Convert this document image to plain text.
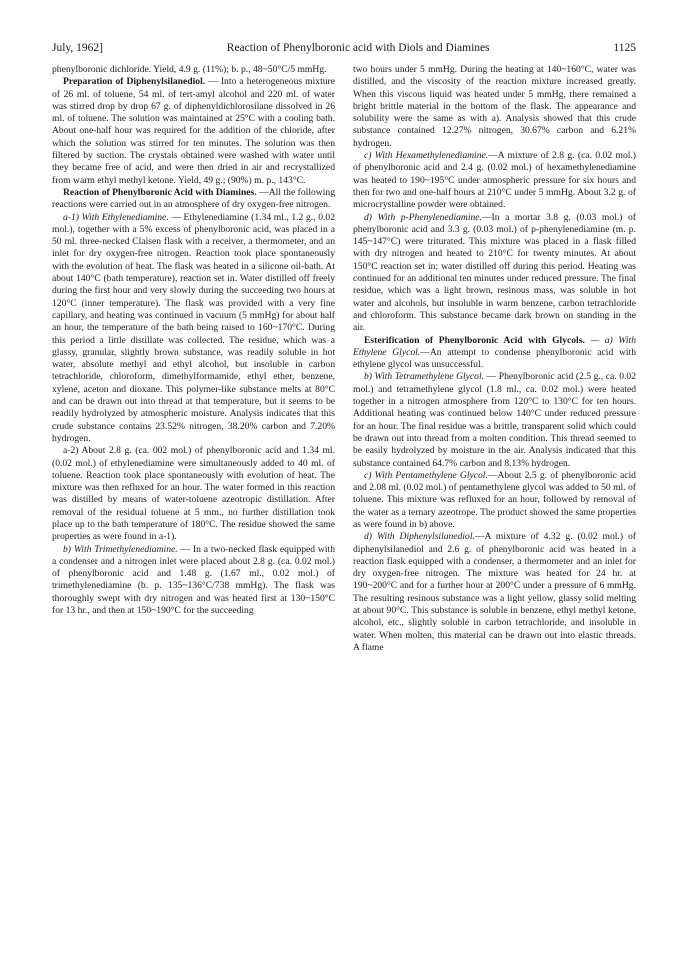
July, 1962]	Reaction of Phenylboronic acid with Diols and Diamines	1125

phenylboronic dichloride. Yield, 4.9 g. (11%); b. p., 48~50°C/5 mmHg.

Preparation of Diphenylsilanediol. — Into a heterogeneous mixture of 26 ml. of toluene, 54 ml. of tert-amyl alcohol and 220 ml. of water was stirred drop by drop 67 g. of diphenyldichlorosilane dissolved in 26 ml. of toluene. The solution was maintained at 25°C with a cooling bath. About one-half hour was required for the addition of the chloride, after which the solution was stirred for ten minutes. The solution was then filtered by suction. The crystals obtained were washed with water until they became free of acid, and were then dried in air and recrystallized from warm ethyl methyl ketone. Yield, 49 g.; (90%) m. p., 143°C.

Reaction of Phenylboronic Acid with Diamines. —All the following reactions were carried out in an atmosphere of dry oxygen-free nitrogen.

a-1) With Ethylenediamine. — Ethylenediamine (1.34 ml., 1.2 g., 0.02 mol.), together with a 5% excess of phenylboronic acid, was placed in a 50 ml. three-necked Claisen flask with a receiver, a thermometer, and an inlet for dry oxygen-free nitrogen. Reaction took place spontaneously with the evolution of heat. The flask was heated in a silicone oil-bath. At about 140°C (bath temperature), reaction set in. Water distilled off freely during the first hour and very slowly during the succeeding two hours at 120°C (inner temperature). The flask was provided with a very fine capillary, and heating was continued in vacuum (5 mmHg) for about half an hour, the temperature of the bath being raised to 160~170°C. During this period a little distillate was collected. The residue, which was a glassy, granular, slightly brown substance, was readily soluble in hot water, absolute methyl and ethyl alcohol, but insoluble in carbon tetrachloride, chloroform, dimethylformamide, ethyl ether, benzene, xylene, aceton and dioxane. This polymer-like substance melts at 80°C and can be drawn out into thread at that temperature, but it seems to be readily hydrolyzed by atmospheric moisture. Analysis indicates that this crude substance contains 23.52% nitrogen, 38.20% carbon and 7.20% hydrogen.

a-2) About 2.8 g. (ca. 002 mol.) of phenylboronic acid and 1.34 ml. (0.02 mol.) of ethylenediamine were simultaneously added to 40 ml. of toluene. Reaction took place spontaneously with evolution of heat. The mixture was then refluxed for an hour. The water formed in this reaction was distilled by means of water-toluene azeotropic distillation. After removal of the residual toluene at 5 mm., no further distillation took place up to the bath temperature of 180°C. The residue showed the same properties as were found in a-1).

b) With Trimethylenediamine. — In a two-necked flask equipped with a condenser and a nitrogen inlet were placed about 2.8 g. (ca. 0.02 mol.) of phenylboronic acid and 1.48 g. (1.67 ml., 0.02 mol.) of trimethylenediamine (b. p. 135~136°C/738 mmHg). The flask was thoroughly swept with dry nitrogen and was heated first at 130~150°C for 13 hr., and then at 150~190°C for the succeeding

two hours under 5 mmHg. During the heating at 140~160°C, water was distilled, and the viscosity of the reaction mixture increased greatly. When this viscous liquid was heated under 5 mmHg, there remained a bright brittle material in the bottom of the flask. The appearance and solubility were the same as with a). Analysis showed that this crude substance contained 12.27% nitrogen, 30.67% carbon and 6.21% hydrogen.

c) With Hexamethylenediamine.—A mixture of 2.8 g. (ca. 0.02 mol.) of phenylboronic acid and 2.4 g. (0.02 mol.) of hexamethylenediamine was heated to 190~195°C under atmospheric pressure for six hours and then for two and one-half hours at 210°C under 5 mmHg. About 3.2 g. of microcrystalline powder were obtained.

d) With p-Phenylenediamine.—In a mortar 3.8 g. (0.03 mol.) of phenylboronic acid and 3.3 g. (0.03 mol.) of p-phenylenediamine (m. p. 145~147°C) were triturated. This mixture was placed in a flask filled with dry nitrogen and heated to 210°C for twenty minutes. At about 150°C reaction set in; water distilled off during this period. Heating was continued for an additional ten minutes under reduced pressure. The final residue, which was a light brown, resinous mass, was soluble in hot water and alcohols, but insoluble in warm benzene, carbon tetrachloride and chloroform. This substance became dark brown on standing in the air.

Esterification of Phenylboronic Acid with Glycols. — a) With Ethylene Glycol.—An attempt to condense phenylboronic acid with ethylene glycol was unsuccessful.

b) With Tetramethylene Glycol. — Phenylboronic acid (2.5 g., ca. 0.02 mol.) and tetramethylene glycol (1.8 ml., ca. 0.02 mol.) were heated together in a nitrogen atmosphere from 120°C to 130°C for ten hours. Additional heating was continued below 140°C under reduced pressure for an hour. The final residue was a brittle, transparent solid which could be drawn out into thread from a molten condition. This thread seemed to be easily hydrolyzed by moisture in the air. Analysis indicated that this substance contained 64.7% carbon and 8.13% hydrogen.

c) With Pentamethylene Glycol.—About 2.5 g. of phenylboronic acid and 2.08 ml. (0.02 mol.) of pentamethylene glycol was added to 50 ml. of toluene. This mixture was refluxed for an hour, followed by removal of the water as a ternary azeotrope. The product showed the same properties as were found in b) above.

d) With Diphenylsilanediol.—A mixture of 4.32 g. (0.02 mol.) of diphenylsilanediol and 2.6 g. of phenylboronic acid was heated in a reaction flask equipped with a condenser, a thermometer and an inlet for dry oxygen-free nitrogen. The mixture was heated for 24 hr. at 190~200°C and for a further hour at 200°C under a pressure of 6 mmHg. The resulting resinous substance was a light yellow, glassy solid melting at about 90°C. This substance is soluble in benzene, ethyl methyl ketone, alcohol, etc., slightly soluble in carbon tetrachloride, and insoluble in water. When molten, this material can be drawn out into elastic threads. A flame
